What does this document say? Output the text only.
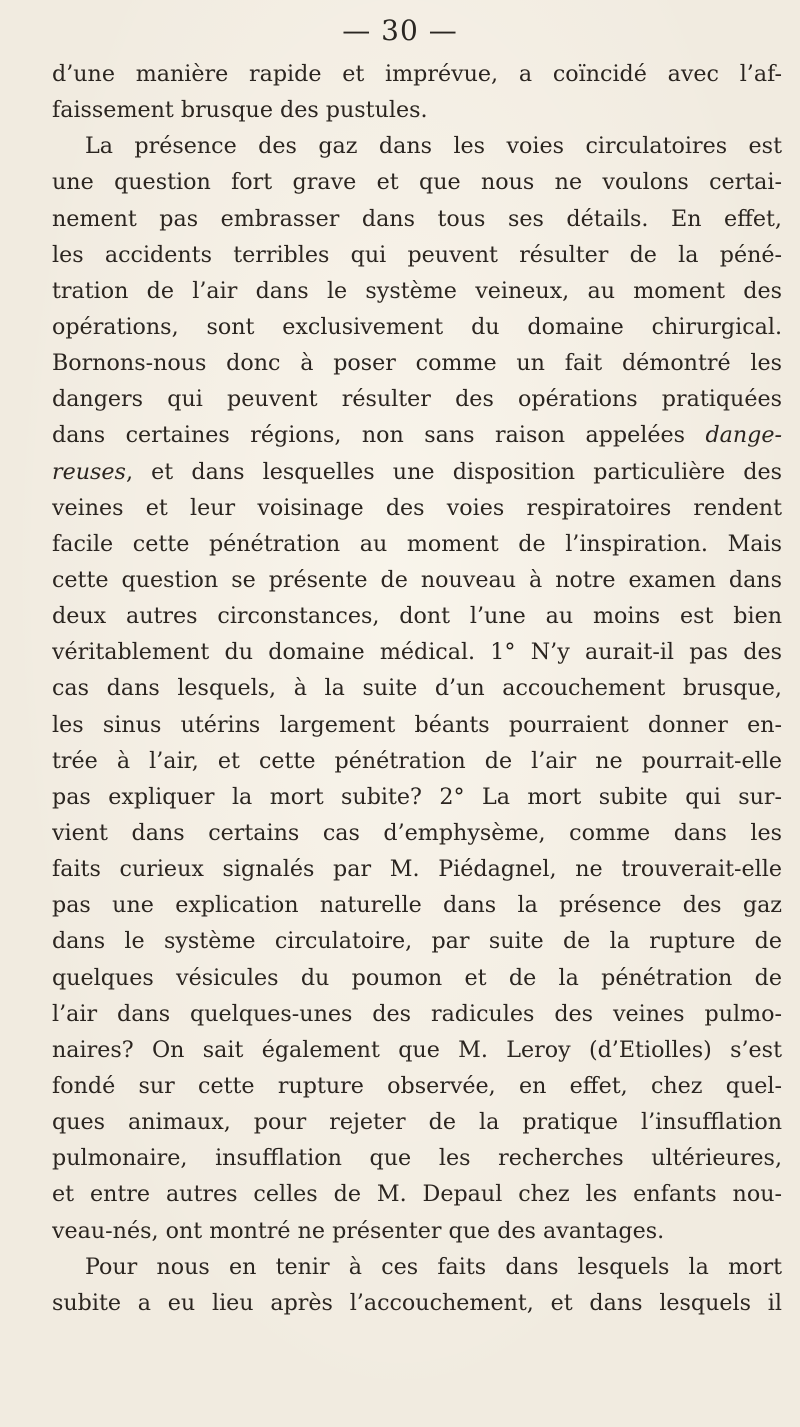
— 30 —
d’une manière rapide et imprévue, a coïncidé avec l’af-
faissement brusque des pustules.
La présence des gaz dans les voies circulatoires est
une question fort grave et que nous ne voulons certai-
nement pas embrasser dans tous ses détails. En effet,
les accidents terribles qui peuvent résulter de la péné-
tration de l’air dans le système veineux, au moment des
opérations, sont exclusivement du domaine chirurgical.
Bornons-nous donc à poser comme un fait démontré les
dangers qui peuvent résulter des opérations pratiquées
dans certaines régions, non sans raison appelées dange-
reuses, et dans lesquelles une disposition particulière des
veines et leur voisinage des voies respiratoires rendent
facile cette pénétration au moment de l’inspiration. Mais
cette question se présente de nouveau à notre examen dans
deux autres circonstances, dont l’une au moins est bien
véritablement du domaine médical. 1° N’y aurait-il pas des
cas dans lesquels, à la suite d’un accouchement brusque,
les sinus utérins largement béants pourraient donner en-
trée à l’air, et cette pénétration de l’air ne pourrait-elle
pas expliquer la mort subite? 2° La mort subite qui sur-
vient dans certains cas d’emphysème, comme dans les
faits curieux signalés par M. Piédagnel, ne trouverait-elle
pas une explication naturelle dans la présence des gaz
dans le système circulatoire, par suite de la rupture de
quelques vésicules du poumon et de la pénétration de
l’air dans quelques-unes des radicules des veines pulmo-
naires? On sait également que M. Leroy (d’Etiolles) s’est
fondé sur cette rupture observée, en effet, chez quel-
ques animaux, pour rejeter de la pratique l’insufflation
pulmonaire, insufflation que les recherches ultérieures,
et entre autres celles de M. Depaul chez les enfants nou-
veau-nés, ont montré ne présenter que des avantages.
Pour nous en tenir à ces faits dans lesquels la mort
subite a eu lieu après l’accouchement, et dans lesquels il
